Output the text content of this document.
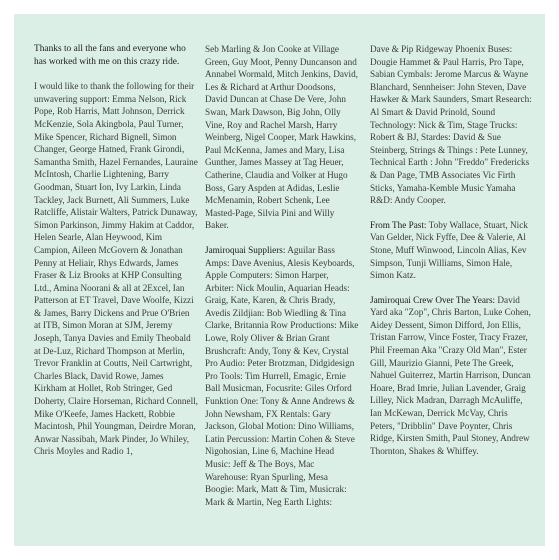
Thanks to all the fans and everyone who has worked with me on this crazy ride.

I would like to thank the following for their unwavering support: Emma Nelson, Rick Pope, Rob Harris, Matt Johnson, Derrick McKenzie, Sola Akingbola, Paul Turner, Mike Spencer, Richard Bignell, Simon Changer, George Hatned, Frank Girondi, Samantha Smith, Hazel Fernandes, Lauraine McIntosh, Charlie Lightening, Barry Goodman, Stuart Ion, Ivy Larkin, Linda Tackley, Jack Burnett, Ali Summers, Luke Ratcliffe, Alistair Walters, Patrick Dunaway, Simon Parkinson, Jimmy Hakim at Caddor, Helen Searle, Alan Heywood, Kim Campion, Aileen McGovern & Jonathan Penny at Heliair, Rhys Edwards, James Fraser & Liz Brooks at KHP Consulting Ltd., Amina Noorani & all at 2Excel, Ian Patterson at ET Travel, Dave Woolfe, Kizzi & James, Barry Dickens and Prue O'Brien at ITB, Simon Moran at SJM, Jeremy Joseph, Tanya Davies and Emily Theobald at De-Luz, Richard Thompson at Merlin, Trevor Franklin at Coutts, Neil Cartwright, Charles Black, David Rowe, James Kirkham at Hollet, Rob Stringer, Ged Doherty, Claire Horseman, Richard Connell, Mike O'Keefe, James Hackett, Robbie Macintosh, Phil Youngman, Deirdre Moran, Anwar Nassibah, Mark Pinder, Jo Whiley, Chris Moyles and Radio 1,

Seb Marling & Jon Cooke at Village Green, Guy Moot, Penny Duncanson and Annabel Wormald, Mitch Jenkins, David, Les & Richard at Arthur Doodsons, David Duncan at Chase De Vere, John Swan, Mark Dawson, Big John, Olly Vine, Roy and Rachel Marsh, Harry Weinberg, Nigel Cooper, Mark Hawkins, Paul McKenna, James and Mary, Lisa Gunther, James Massey at Tag Heuer, Catherine, Claudia and Volker at Hugo Boss, Gary Aspden at Adidas, Leslie McMenamin, Robert Schenk, Lee Masted-Page, Silvia Pini and Willy Baker.

Jamiroquai Suppliers: Aguilar Bass Amps: Dave Avenius, Alesis Keyboards, Apple Computers: Simon Harper, Arbiter: Nick Moulin, Aquarian Heads: Graig, Kate, Karen, & Chris Brady, Avedis Zildjian: Bob Wiedling & Tina Clarke, Britannia Row Productions: Mike Lowe, Roly Oliver & Brian Grant Brushcraft: Andy, Tony & Kev, Crystal Pro Audio: Peter Brotzman, Didgidesign Pro Tools: Tim Hurrell, Emagic, Ernie Ball Musicman, Focusrite: Giles Orford Funktion One: Tony & Anne Andrews & John Newsham, FX Rentals: Gary Jackson, Global Motion: Dino Williams, Latin Percussion: Martin Cohen & Steve Nigohosian, Line 6, Machine Head Music: Jeff & The Boys, Mac Warehouse: Ryan Spurling, Mesa Boogie: Mark, Matt & Tim, Musicrak: Mark & Martin, Neg Earth Lights:

Dave & Pip Ridgeway Phoenix Buses: Dougie Hammet & Paul Harris, Pro Tape, Sabian Cymbals: Jerome Marcus & Wayne Blanchard, Sennheiser: John Steven, Dave Hawker & Mark Saunders, Smart Research: Al Smart & David Prinold, Sound Technology: Nick & Tim, Stage Trucks: Robert & BJ, Stardes: David & Sue Steinberg, Strings & Things : Pete Lunney, Technical Earth : John "Freddo" Fredericks & Dan Page, TMB Associates Vic Firth Sticks, Yamaha-Kemble Music Yamaha R&D: Andy Cooper.

From The Past: Toby Wallace, Stuart, Nick Van Gelder, Nick Fyffe, Dee & Valerie, Al Stone, Muff Winwood, Lincoln Alias, Kev Simpson, Tunji Williams, Simon Hale, Simon Katz.

Jamiroquai Crew Over The Years: David Yard aka "Zop", Chris Barton, Luke Cohen, Aidey Dessent, Simon Difford, Jon Ellis, Tristan Farrow, Vince Foster, Tracy Frazer, Phil Freeman Aka "Crazy Old Man", Ester Gill, Maurizio Gianni, Pete The Greek, Nahuel Guiterrez, Martin Harrison, Duncan Hoare, Brad Imrie, Julian Lavender, Graig Lilley, Nick Madran, Darragh McAuliffe, Ian McKewan, Derrick McVay, Chris Peters, "Dribblin" Dave Poynter, Chris Ridge, Kirsten Smith, Paul Stoney, Andrew Thornton, Shakes & Whiffey.
